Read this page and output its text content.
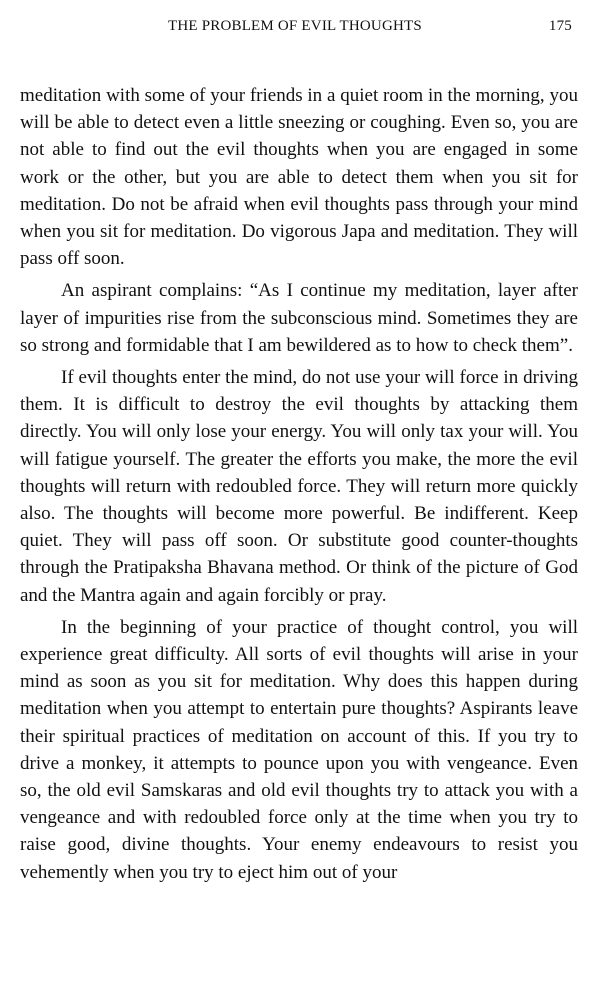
THE PROBLEM OF EVIL THOUGHTS	175

meditation with some of your friends in a quiet room in the morning, you will be able to detect even a little sneezing or coughing. Even so, you are not able to find out the evil thoughts when you are engaged in some work or the other, but you are able to detect them when you sit for meditation. Do not be afraid when evil thoughts pass through your mind when you sit for meditation. Do vigorous Japa and meditation. They will pass off soon.

An aspirant complains: “As I continue my meditation, layer after layer of impurities rise from the subconscious mind. Sometimes they are so strong and formidable that I am bewildered as to how to check them”.

If evil thoughts enter the mind, do not use your will force in driving them. It is difficult to destroy the evil thoughts by attacking them directly. You will only lose your energy. You will only tax your will. You will fatigue yourself. The greater the efforts you make, the more the evil thoughts will return with redoubled force. They will return more quickly also. The thoughts will become more powerful. Be indifferent. Keep quiet. They will pass off soon. Or substitute good counter-thoughts through the Pratipaksha Bhavana method. Or think of the picture of God and the Mantra again and again forcibly or pray.

In the beginning of your practice of thought control, you will experience great difficulty. All sorts of evil thoughts will arise in your mind as soon as you sit for meditation. Why does this happen during meditation when you attempt to entertain pure thoughts? Aspirants leave their spiritual practices of meditation on account of this. If you try to drive a monkey, it attempts to pounce upon you with vengeance. Even so, the old evil Samskaras and old evil thoughts try to attack you with a vengeance and with redoubled force only at the time when you try to raise good, divine thoughts. Your enemy endeavours to resist you vehemently when you try to eject him out of your
